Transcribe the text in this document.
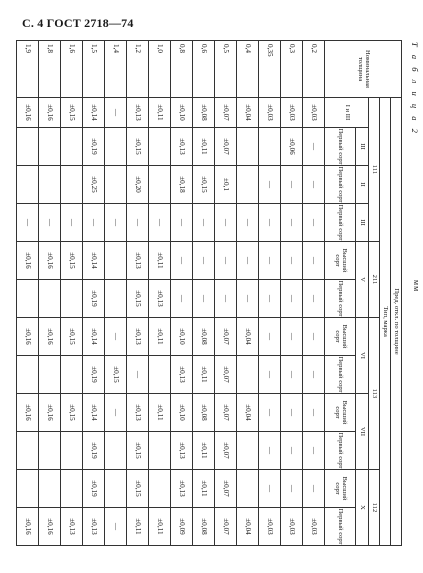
С. 4 ГОСТ 2718—74
Т а б л и ц а 2
мм
Номинальная толщина	Пред. откл. по толщине											
	Тип, марка											
	111				211		113				112	
	I и III	III	II	III	V		VI		VII		X	
		Первый сорт	Первый сорт	Первый сорт	Высший сорт	Первый сорт	Высший сорт	Первый сорт	Высший сорт	Первый сорт	Высший сорт	Первый сорт
0,2	±0,03	—	—	—	—	—	—	—	—	—	—	±0,03
0,3	±0,03	±0,06	—	—	—	—	—	—	—	—	—	±0,03
0,35	±0,03		—	—	—	—	—	—	—	—	—	±0,03
0,4	±0,04			—	—	—	±0,04		±0,04			±0,04
0,5	±0,07	±0,07	±0,1	—	—	—	±0,07	±0,07	±0,07	±0,07	±0,07	±0,07
0,6	±0,08	±0,11	±0,15	—	—	—	±0,08	±0,11	±0,08	±0,11	±0,11	±0,08
0,8	±0,10	±0,13	±0,18	—	—	—	±0,10	±0,13	±0,10	±0,13	±0,13	±0,09
1,0	±0,11			—	±0,11	±0,13	±0,11		±0,11			±0,11
1,2	±0,13	±0,15	±0,20	—	±0,13	±0,15	±0,13	—	±0,13	±0,15	±0,15	±0,11
1,4	—			—			—	±0,15	—			—
1,5	±0,14	±0,19	±0,25	—	±0,14	±0,19	±0,14	±0,19	±0,14	±0,19	±0,19	±0,13
1,6	±0,15			—	±0,15		±0,15		±0,15			±0,13
1,8	±0,16			—	±0,16		±0,16		±0,16			±0,16
1,9	±0,16			—	±0,16		±0,16		±0,16			±0,16
